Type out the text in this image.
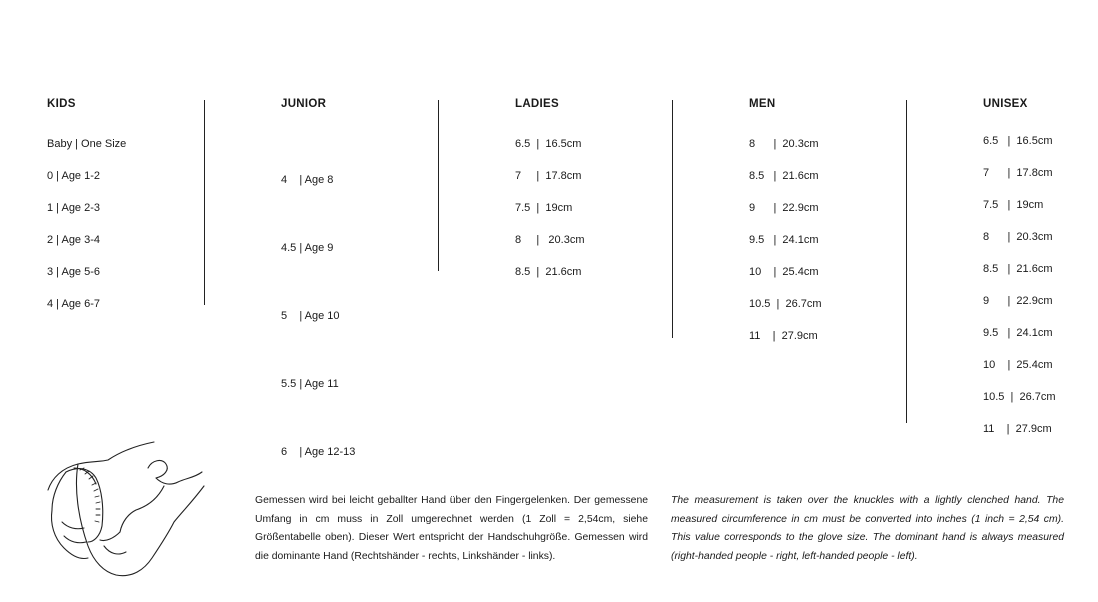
KIDS
Baby | One Size
0 | Age 1-2
1 | Age 2-3
2 | Age 3-4
3 | Age 5-6
4 | Age 6-7
JUNIOR

4    | Age 8

4.5 | Age 9

5    | Age 10

5.5 | Age 11

6    | Age 12-13

LADIES
6.5  |  16.5cm
7     |  17.8cm
7.5  |  19cm
8     |   20.3cm
8.5  |  21.6cm
MEN
8      |  20.3cm
8.5   |  21.6cm
9      |  22.9cm
9.5   |  24.1cm
10    |  25.4cm
10.5  |  26.7cm
11    |  27.9cm
UNISEX
6.5   |  16.5cm
7      |  17.8cm
7.5   |  19cm
8      |  20.3cm
8.5   |  21.6cm
9      |  22.9cm
9.5   |  24.1cm
10    |  25.4cm
10.5  |  26.7cm
11    |  27.9cm
Gemessen wird bei leicht geballter Hand über den Fingergelenken. Der gemessene Umfang in cm muss in Zoll umgerechnet werden (1 Zoll = 2,54cm, siehe Größentabelle oben). Dieser Wert entspricht der Handschuhgröße. Gemessen wird die dominante Hand (Rechtshänder - rechts, Linkshänder - links).
The measurement is taken over the knuckles with a lightly clenched hand. The measured circumference in cm must be converted into inches (1 inch = 2,54 cm). This value corresponds to the glove size. The dominant hand is always measured (right-handed people - right, left-handed people - left).
